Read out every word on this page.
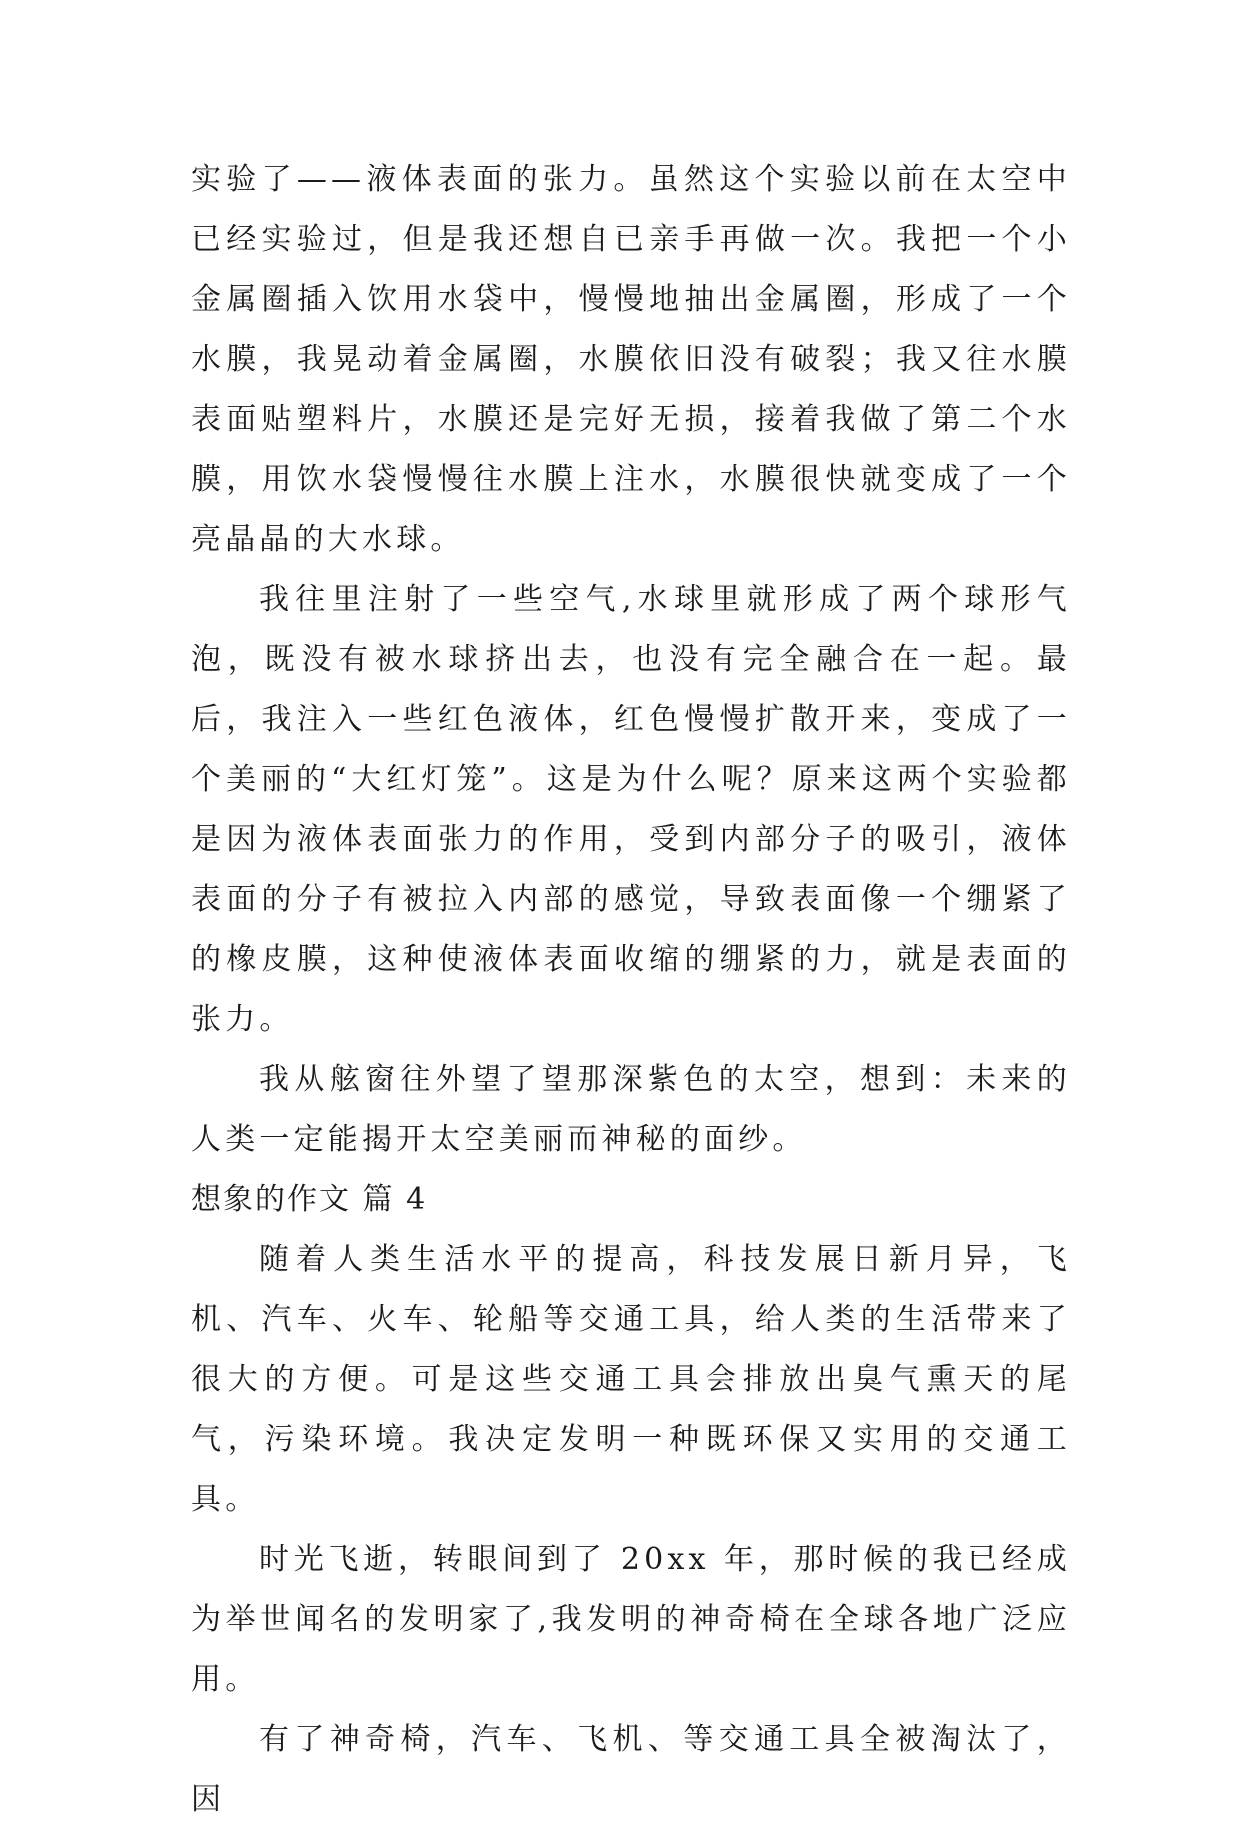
实验了——液体表面的张力。虽然这个实验以前在太空中已经实验过，但是我还想自已亲手再做一次。我把一个小金属圈插入饮用水袋中，慢慢地抽出金属圈，形成了一个水膜，我晃动着金属圈，水膜依旧没有破裂；我又往水膜表面贴塑料片，水膜还是完好无损，接着我做了第二个水膜，用饮水袋慢慢往水膜上注水，水膜很快就变成了一个亮晶晶的大水球。

我往里注射了一些空气,水球里就形成了两个球形气泡，既没有被水球挤出去，也没有完全融合在一起。最后，我注入一些红色液体，红色慢慢扩散开来，变成了一个美丽的“大红灯笼”。这是为什么呢？原来这两个实验都是因为液体表面张力的作用，受到内部分子的吸引，液体表面的分子有被拉入内部的感觉，导致表面像一个绷紧了的橡皮膜，这种使液体表面收缩的绷紧的力，就是表面的张力。

我从舷窗往外望了望那深紫色的太空，想到：未来的人类一定能揭开太空美丽而神秘的面纱。

想象的作文 篇 4

随着人类生活水平的提高，科技发展日新月异，飞机、汽车、火车、轮船等交通工具，给人类的生活带来了很大的方便。可是这些交通工具会排放出臭气熏天的尾气，污染环境。我决定发明一种既环保又实用的交通工具。

时光飞逝，转眼间到了 20xx 年，那时候的我已经成为举世闻名的发明家了,我发明的神奇椅在全球各地广泛应用。

有了神奇椅，汽车、飞机、等交通工具全被淘汰了，因
